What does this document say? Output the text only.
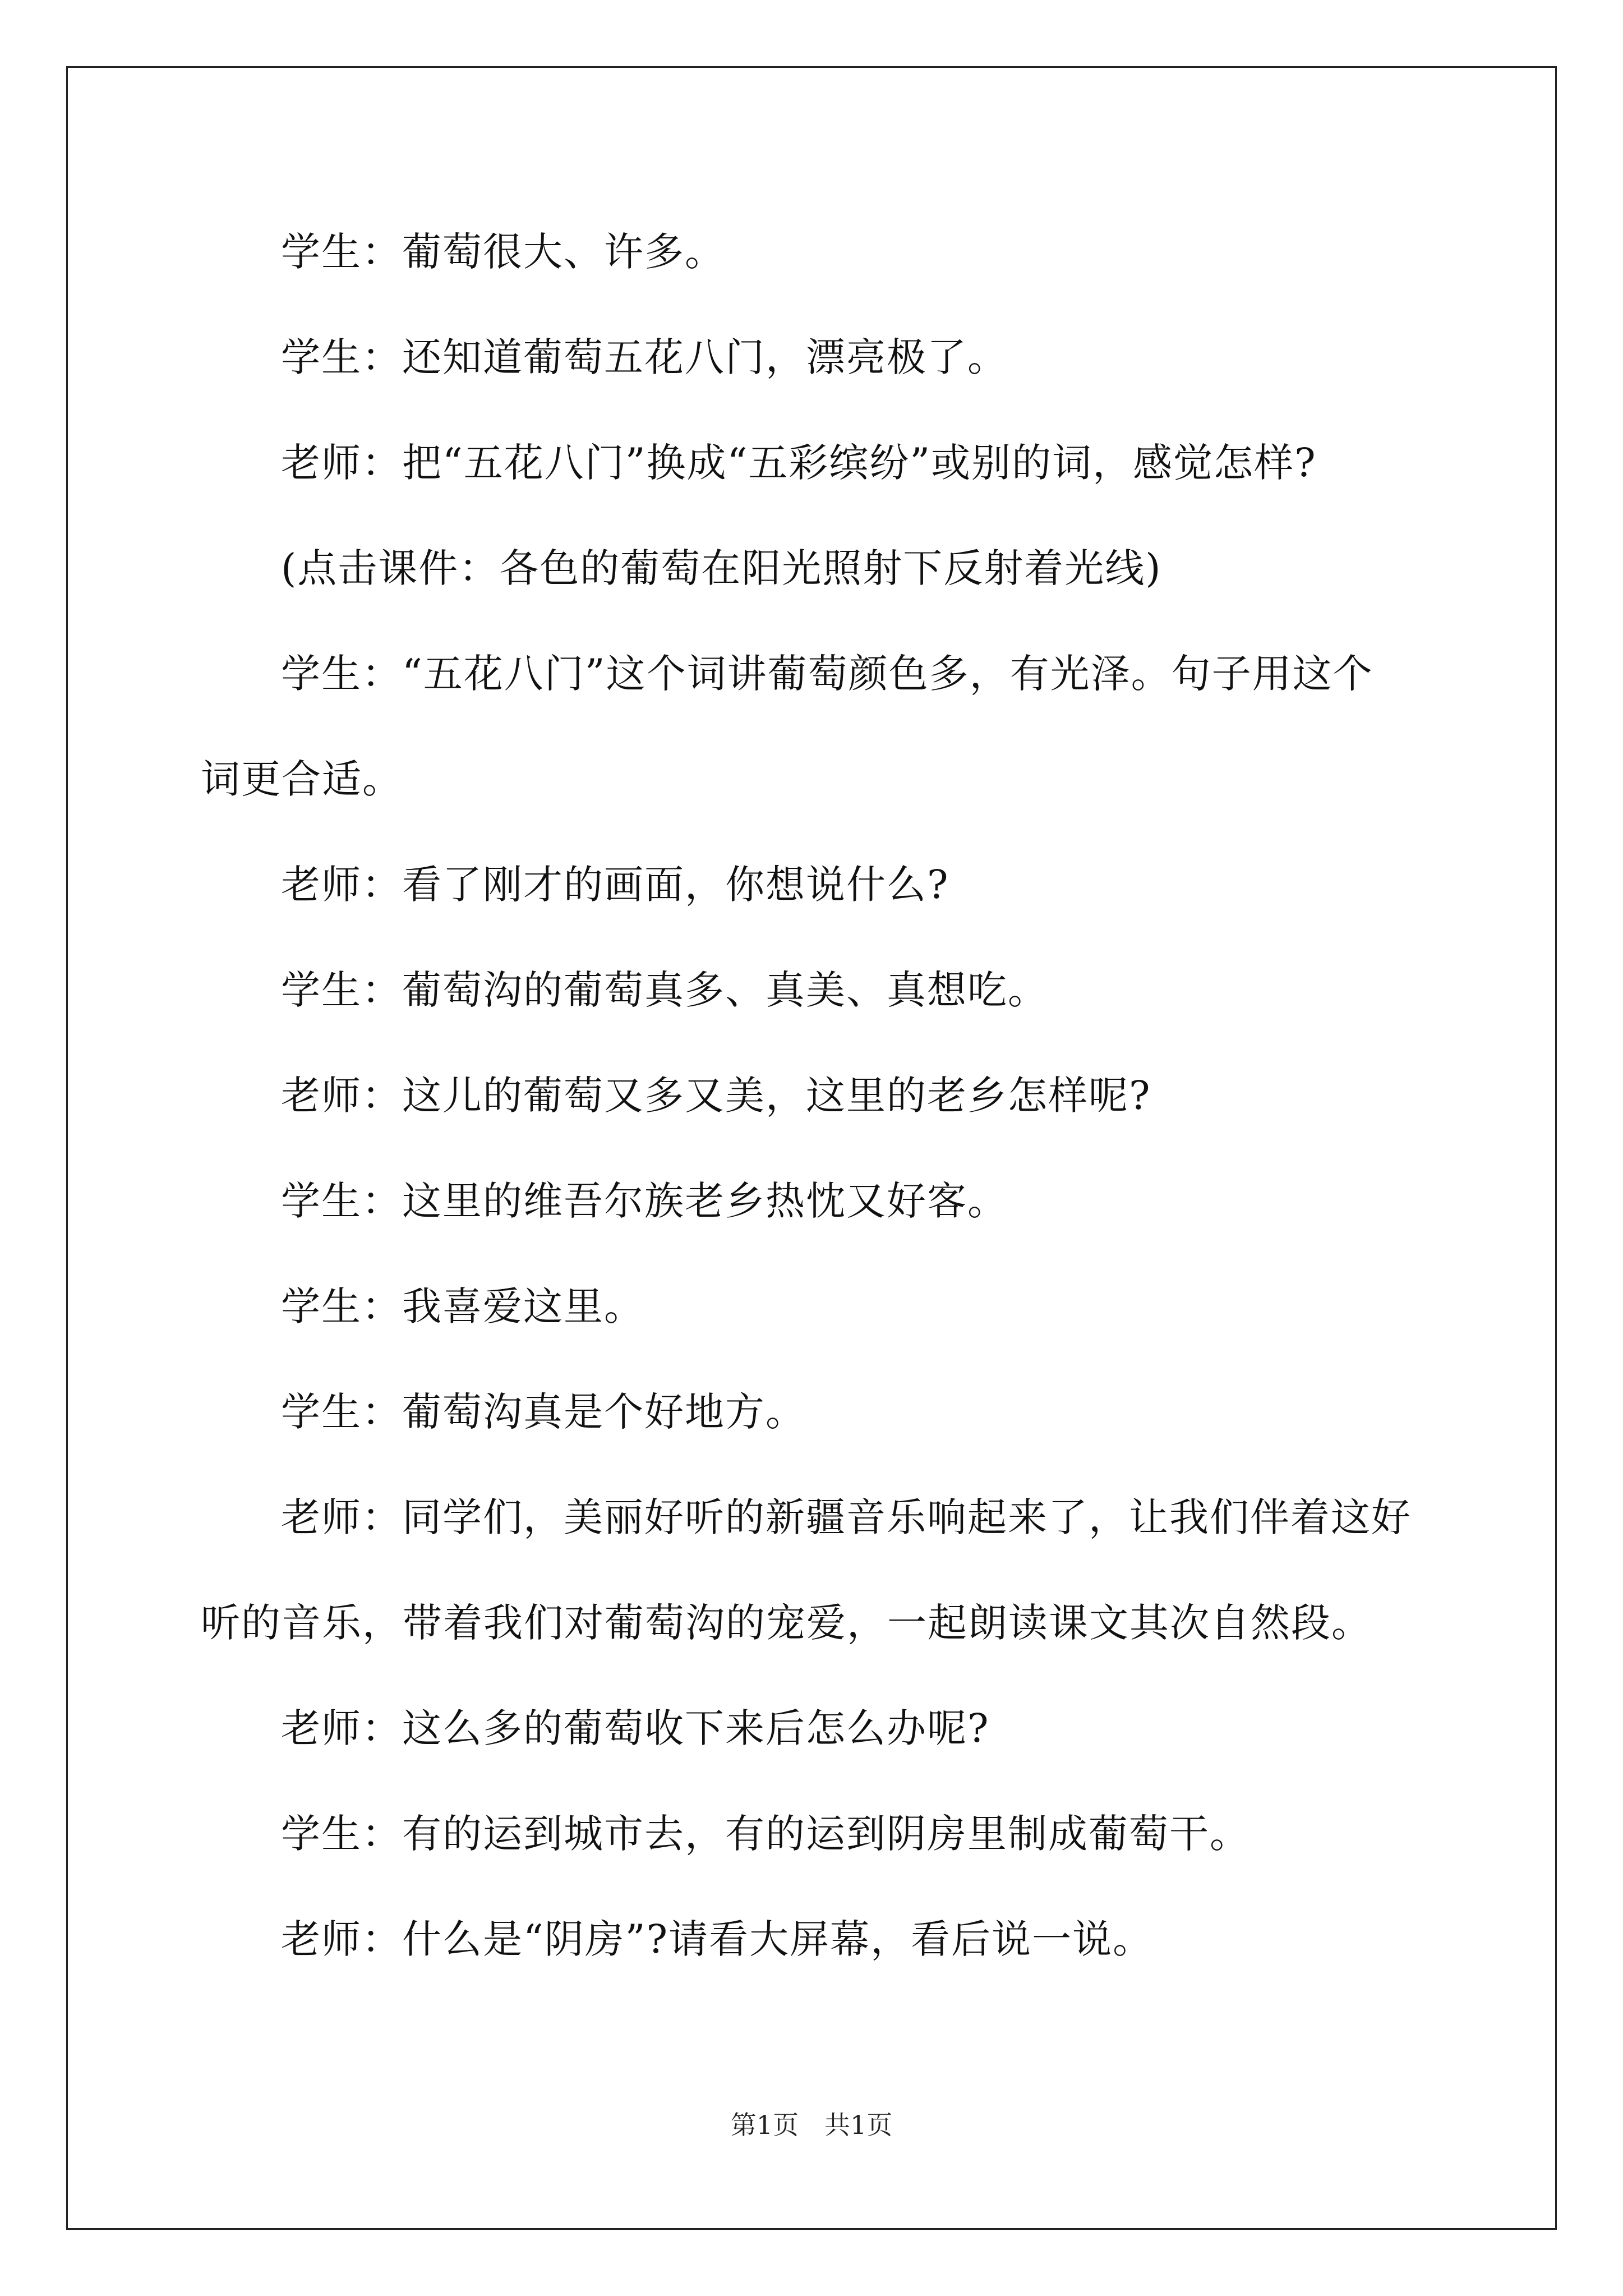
学生：葡萄很大、许多。
学生：还知道葡萄五花八门，漂亮极了。
老师：把“五花八门”换成“五彩缤纷”或别的词，感觉怎样?
(点击课件：各色的葡萄在阳光照射下反射着光线)
学生：“五花八门”这个词讲葡萄颜色多，有光泽。句子用这个
词更合适。
老师：看了刚才的画面，你想说什么?
学生：葡萄沟的葡萄真多、真美、真想吃。
老师：这儿的葡萄又多又美，这里的老乡怎样呢?
学生：这里的维吾尔族老乡热忱又好客。
学生：我喜爱这里。
学生：葡萄沟真是个好地方。
老师：同学们，美丽好听的新疆音乐响起来了，让我们伴着这好
听的音乐，带着我们对葡萄沟的宠爱，一起朗读课文其次自然段。
老师：这么多的葡萄收下来后怎么办呢?
学生：有的运到城市去，有的运到阴房里制成葡萄干。
老师：什么是“阴房”?请看大屏幕，看后说一说。
第1页 共1页
